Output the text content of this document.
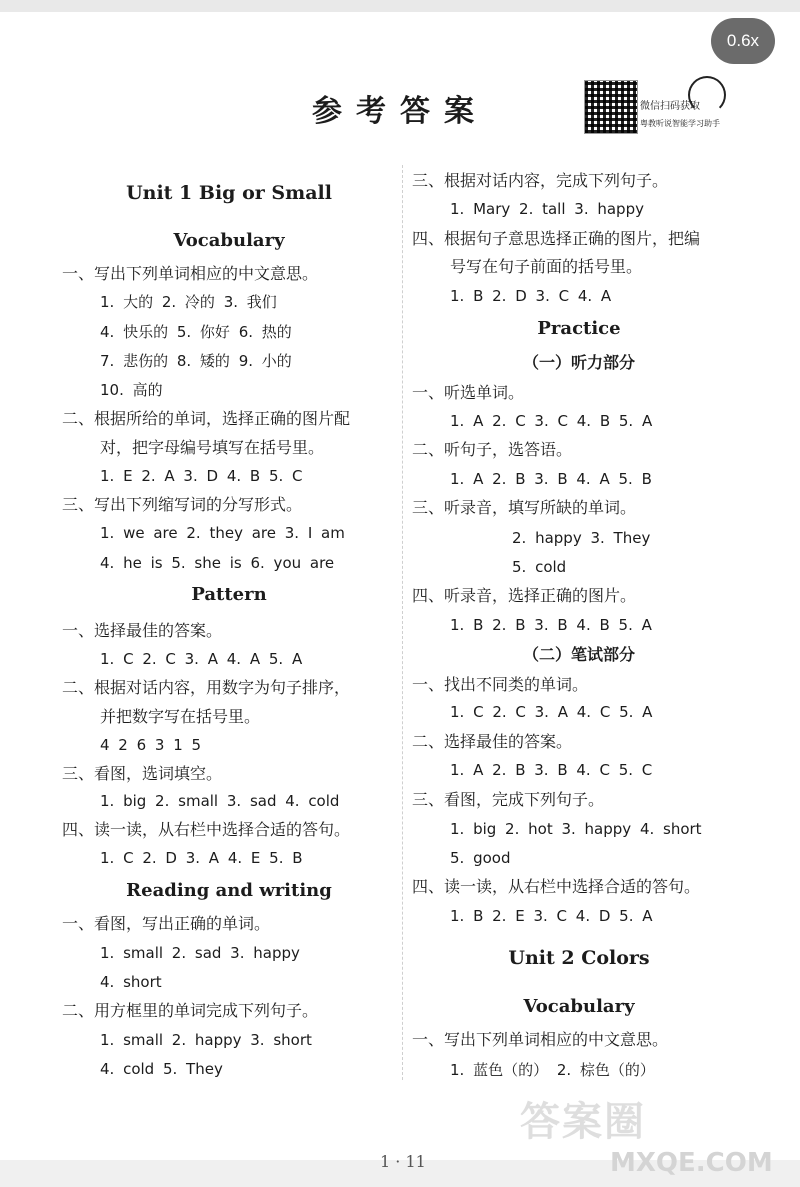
0.6x
参考答案	微信扫码获取
粤教听说智能学习助手
Unit 1 Big or Small
Vocabulary
一、写出下列单词相应的中文意思。
1. 大的 2. 冷的 3. 我们
4. 快乐的 5. 你好 6. 热的
7. 悲伤的 8. 矮的 9. 小的
10. 高的
二、根据所给的单词，选择正确的图片配
对，把字母编号填写在括号里。
1. E 2. A 3. D 4. B 5. C
三、写出下列缩写词的分写形式。
1. we are 2. they are 3. I am
4. he is 5. she is 6. you are
Pattern
一、选择最佳的答案。
1. C 2. C 3. A 4. A 5. A
二、根据对话内容，用数字为句子排序，
并把数字写在括号里。
4 2 6 3 1 5
三、看图，选词填空。
1. big 2. small 3. sad 4. cold
四、读一读，从右栏中选择合适的答句。
1. C 2. D 3. A 4. E 5. B
Reading and writing
一、看图，写出正确的单词。
1. small 2. sad 3. happy
4. short
二、用方框里的单词完成下列句子。
1. small 2. happy 3. short
4. cold 5. They
三、根据对话内容，完成下列句子。
1. Mary 2. tall 3. happy
四、根据句子意思选择正确的图片，把编
号写在句子前面的括号里。
1. B 2. D 3. C 4. A
Practice
（一）听力部分
一、听选单词。
1. A 2. C 3. C 4. B 5. A
二、听句子，选答语。
1. A 2. B 3. B 4. A 5. B
三、听录音，填写所缺的单词。
2. happy 3. They
5. cold
四、听录音，选择正确的图片。
1. B 2. B 3. B 4. B 5. A
（二）笔试部分
一、找出不同类的单词。
1. C 2. C 3. A 4. C 5. A
二、选择最佳的答案。
1. A 2. B 3. B 4. C 5. C
三、看图，完成下列句子。
1. big 2. hot 3. happy 4. short
5. good
四、读一读，从右栏中选择合适的答句。
1. B 2. E 3. C 4. D 5. A
Unit 2 Colors
Vocabulary
一、写出下列单词相应的中文意思。
1. 蓝色（的） 2. 棕色（的）
1 · 11
答案圈
MXQE.COM
